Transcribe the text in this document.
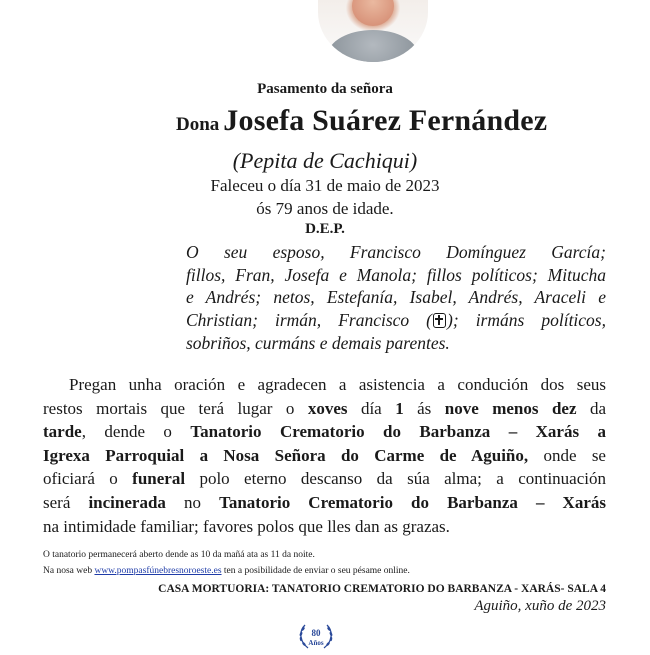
Pasamento da señora
Dona Josefa Suárez Fernández
(Pepita de Cachiqui)
Faleceu o día 31 de maio de 2023
ós 79 anos de idade.
D.E.P.
O seu esposo, Francisco Domínguez García;
fillos, Fran, Josefa e Manola; fillos políticos; Mitucha
e Andrés; netos, Estefanía, Isabel, Andrés, Araceli e
Christian; irmán, Francisco ( ); irmáns políticos,
sobriños, curmáns e demais parentes.
Pregan unha oración e agradecen a asistencia a condución dos seus
restos mortais que terá lugar o xoves día 1 ás nove menos dez da
tarde, dende o Tanatorio Crematorio do Barbanza – Xarás a
Igrexa Parroquial a Nosa Señora do Carme de Aguiño, onde se
oficiará o funeral polo eterno descanso da súa alma; a continuación
será incinerada no Tanatorio Crematorio do Barbanza – Xarás
na intimidade familiar; favores polos que lles dan as grazas.
O tanatorio permanecerá aberto dende as 10 da mañá ata as 11 da noite.
Na nosa web www.pompasfúnebresnoroeste.es ten a posibilidade de enviar o seu pésame online.
CASA MORTUORIA: TANATORIO CREMATORIO DO BARBANZA - XARÁS- SALA 4
Aguiño, xuño de 2023
80
Años
